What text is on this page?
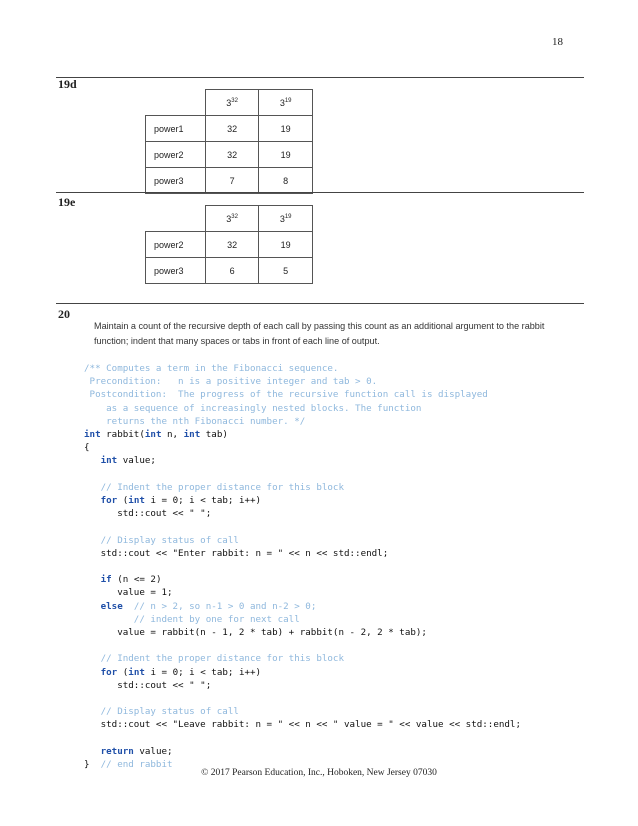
18
19d
	$3^{32}$	$3^{19}$
power1	32	19
power2	32	19
power3	7	8
19e
	$3^{32}$	$3^{19}$
power2	32	19
power3	6	5
20
Maintain a count of the recursive depth of each call by passing this count as an additional argument to the rabbit function; indent that many spaces or tabs in front of each line of output.
/** Computes a term in the Fibonacci sequence.
Precondition:   n is a positive integer and tab > 0.
Postcondition:  The progress of the recursive function call is displayed
as a sequence of increasingly nested blocks. The function
returns the nth Fibonacci number. */
int rabbit(int n, int tab)
{
int value;

// Indent the proper distance for this block
for (int i = 0; i < tab; i++)
std::cout << " ";

// Display status of call
std::cout << "Enter rabbit: n = " << n << std::endl;

if (n <= 2)
value = 1;
else // n > 2, so n-1 > 0 and n-2 > 0;
// indent by one for next call
value = rabbit(n - 1, 2 * tab) + rabbit(n - 2, 2 * tab);

// Indent the proper distance for this block
for (int i = 0; i < tab; i++)
std::cout << " ";

// Display status of call
std::cout << "Leave rabbit: n = " << n << " value = " << value << std::endl;

return value;
}  // end rabbit
© 2017 Pearson Education, Inc., Hoboken, New Jersey 07030
